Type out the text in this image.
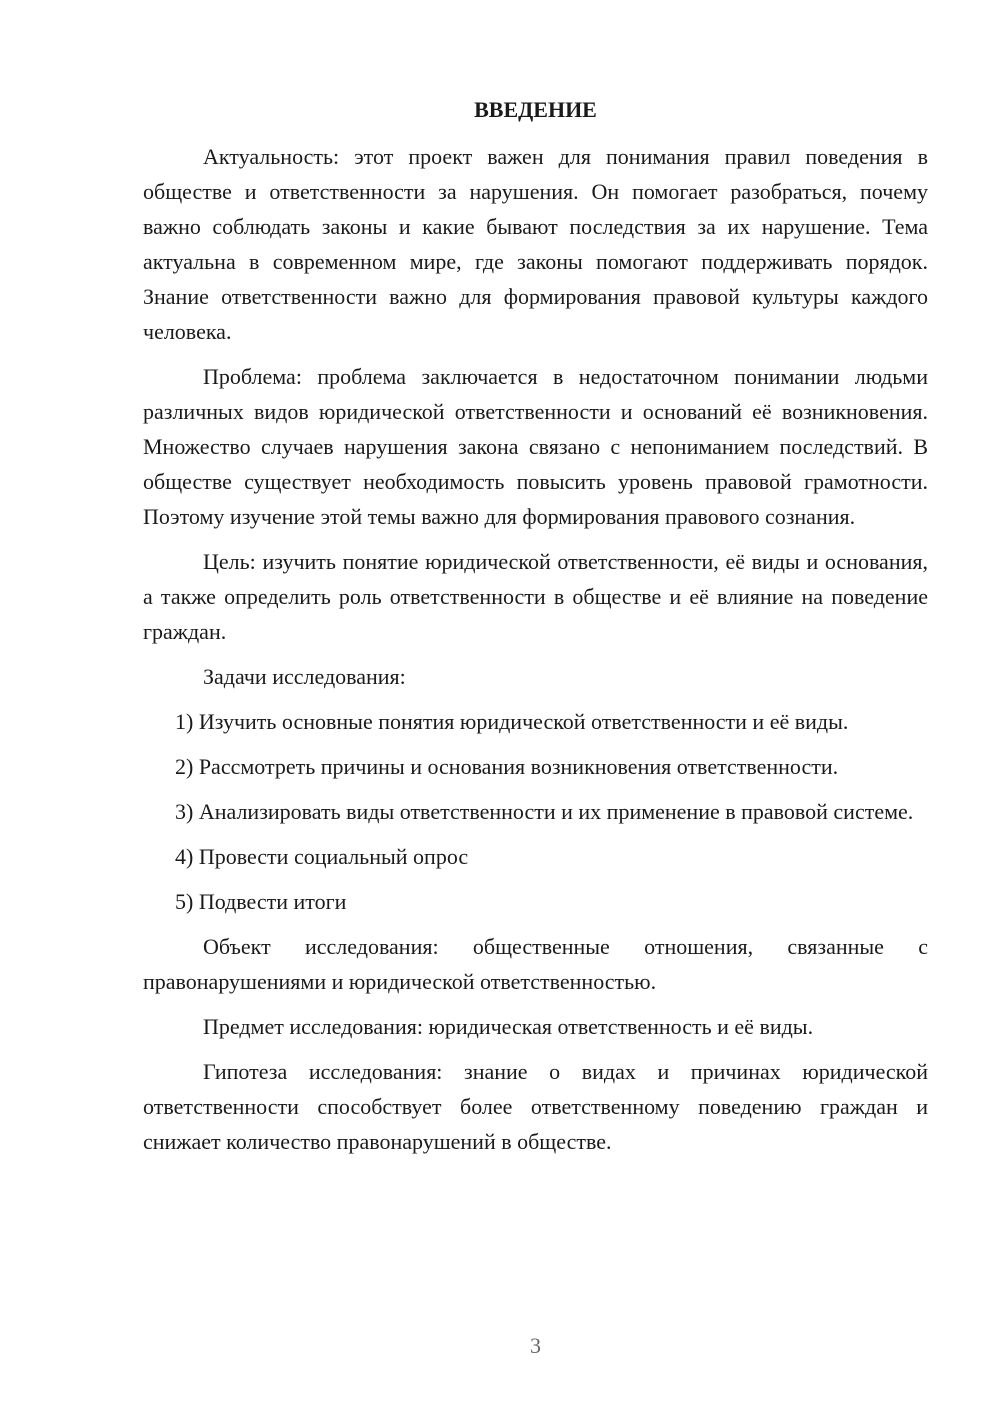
ВВЕДЕНИЕ

Актуальность: этот проект важен для понимания правил поведения в обществе и ответственности за нарушения. Он помогает разобраться, почему важно соблюдать законы и какие бывают последствия за их нарушение. Тема актуальна в современном мире, где законы помогают поддерживать порядок. Знание ответственности важно для формирования правовой культуры каждого человека.

Проблема: проблема заключается в недостаточном понимании людьми различных видов юридической ответственности и оснований её возникновения. Множество случаев нарушения закона связано с непониманием последствий. В обществе существует необходимость повысить уровень правовой грамотности. Поэтому изучение этой темы важно для формирования правового сознания.

Цель: изучить понятие юридической ответственности, её виды и основания, а также определить роль ответственности в обществе и её влияние на поведение граждан.

Задачи исследования:

1) Изучить основные понятия юридической ответственности и её виды.

2) Рассмотреть причины и основания возникновения ответственности.

3) Анализировать виды ответственности и их применение в правовой системе.

4) Провести социальный опрос

5) Подвести итоги

Объект исследования: общественные отношения, связанные с правонарушениями и юридической ответственностью.

Предмет исследования: юридическая ответственность и её виды.

Гипотеза исследования: знание о видах и причинах юридической ответственности способствует более ответственному поведению граждан и снижает количество правонарушений в обществе.

3
